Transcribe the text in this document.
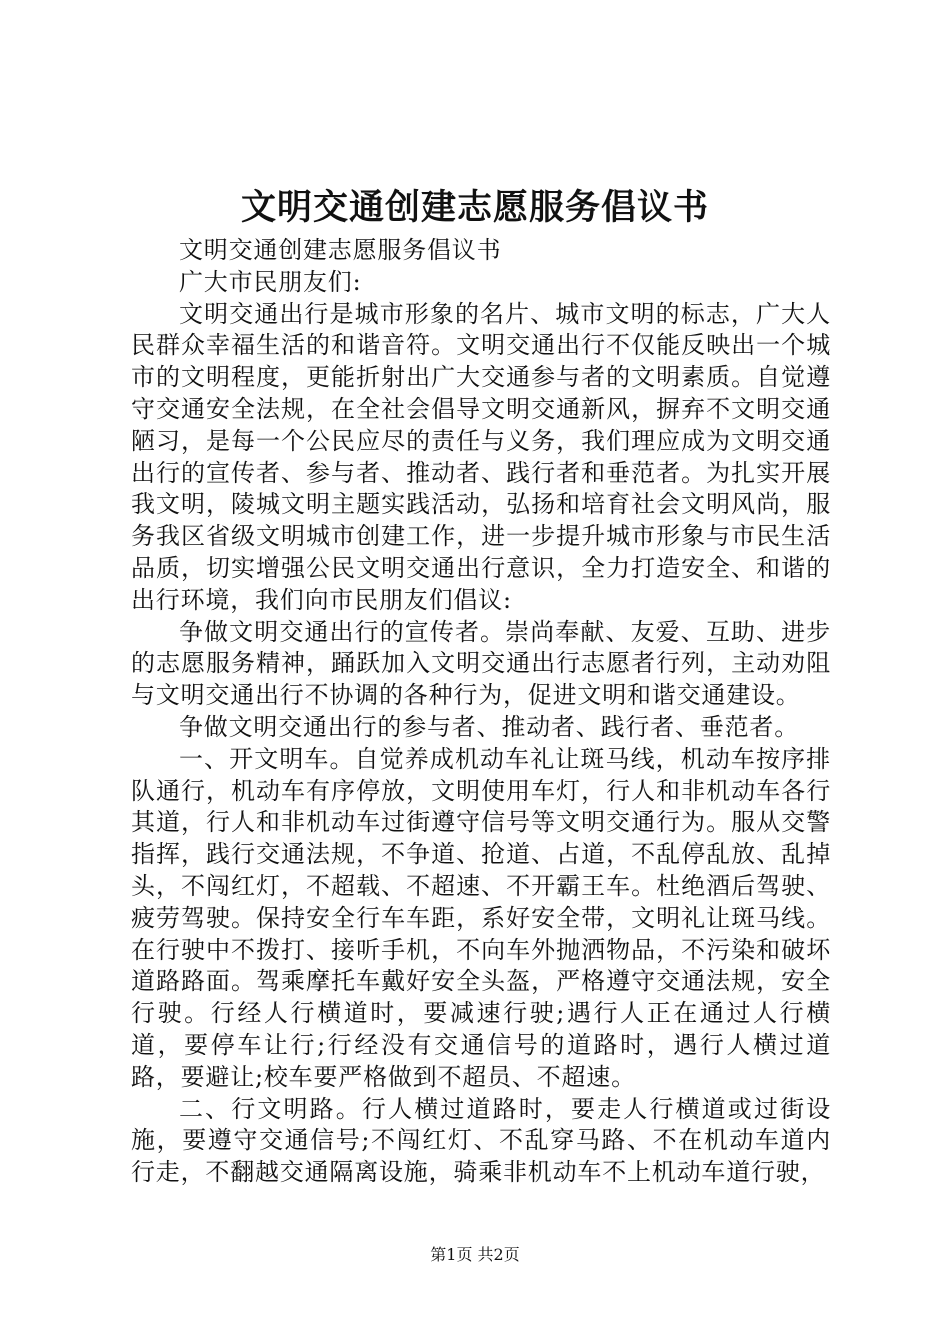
文明交通创建志愿服务倡议书

文明交通创建志愿服务倡议书

广大市民朋友们:

文明交通出行是城市形象的名片、城市文明的标志，广大人民群众幸福生活的和谐音符。文明交通出行不仅能反映出一个城市的文明程度，更能折射出广大交通参与者的文明素质。自觉遵守交通安全法规，在全社会倡导文明交通新风，摒弃不文明交通陋习，是每一个公民应尽的责任与义务，我们理应成为文明交通出行的宣传者、参与者、推动者、践行者和垂范者。为扎实开展我文明，陵城文明主题实践活动，弘扬和培育社会文明风尚，服务我区省级文明城市创建工作，进一步提升城市形象与市民生活品质，切实增强公民文明交通出行意识，全力打造安全、和谐的出行环境，我们向市民朋友们倡议:

争做文明交通出行的宣传者。崇尚奉献、友爱、互助、进步的志愿服务精神，踊跃加入文明交通出行志愿者行列，主动劝阻与文明交通出行不协调的各种行为，促进文明和谐交通建设。

争做文明交通出行的参与者、推动者、践行者、垂范者。

一、开文明车。自觉养成机动车礼让斑马线，机动车按序排队通行，机动车有序停放，文明使用车灯，行人和非机动车各行其道，行人和非机动车过街遵守信号等文明交通行为。服从交警指挥，践行交通法规，不争道、抢道、占道，不乱停乱放、乱掉头，不闯红灯，不超载、不超速、不开霸王车。杜绝酒后驾驶、疲劳驾驶。保持安全行车车距，系好安全带，文明礼让斑马线。在行驶中不拨打、接听手机，不向车外抛洒物品，不污染和破坏道路路面。驾乘摩托车戴好安全头盔，严格遵守交通法规，安全行驶。行经人行横道时，要减速行驶;遇行人正在通过人行横道，要停车让行;行经没有交通信号的道路时，遇行人横过道路，要避让;校车要严格做到不超员、不超速。

二、行文明路。行人横过道路时，要走人行横道或过街设施，要遵守交通信号;不闯红灯、不乱穿马路、不在机动车道内行走，不翻越交通隔离设施，骑乘非机动车不上机动车道行驶，

第1页 共2页
